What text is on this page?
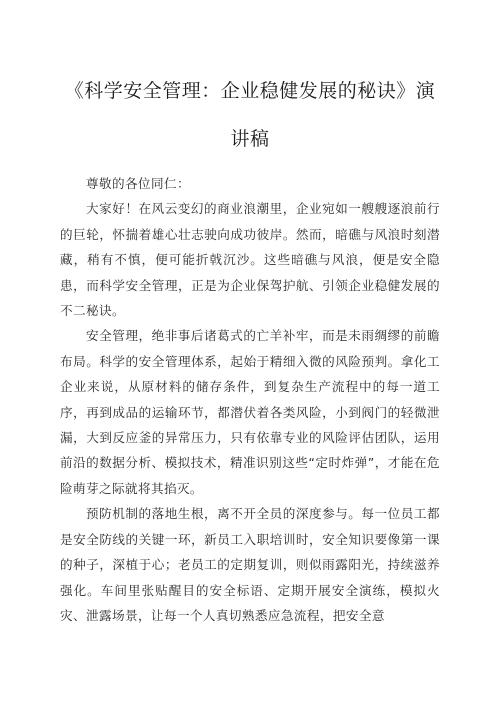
《科学安全管理：企业稳健发展的秘诀》演
讲稿

尊敬的各位同仁：

大家好！在风云变幻的商业浪潮里，企业宛如一艘艘逐浪前行的巨轮，怀揣着雄心壮志驶向成功彼岸。然而，暗礁与风浪时刻潜藏，稍有不慎，便可能折戟沉沙。这些暗礁与风浪，便是安全隐患，而科学安全管理，正是为企业保驾护航、引领企业稳健发展的不二秘诀。

安全管理，绝非事后诸葛式的亡羊补牢，而是未雨绸缪的前瞻布局。科学的安全管理体系，起始于精细入微的风险预判。拿化工企业来说，从原材料的储存条件，到复杂生产流程中的每一道工序，再到成品的运输环节，都潜伏着各类风险，小到阀门的轻微泄漏，大到反应釜的异常压力，只有依靠专业的风险评估团队，运用前沿的数据分析、模拟技术，精准识别这些“定时炸弹”，才能在危险萌芽之际就将其掐灭。

预防机制的落地生根，离不开全员的深度参与。每一位员工都是安全防线的关键一环，新员工入职培训时，安全知识要像第一课的种子，深植于心；老员工的定期复训，则似雨露阳光，持续滋养强化。车间里张贴醒目的安全标语、定期开展安全演练，模拟火灾、泄露场景，让每一个人真切熟悉应急流程，把安全意
